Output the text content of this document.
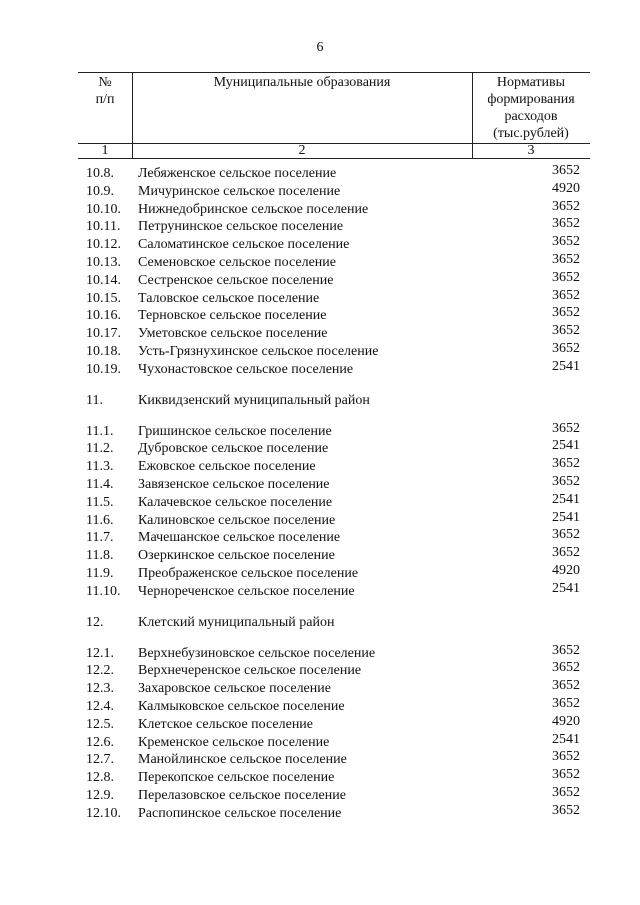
6
№
п/п
Муниципальные образования	Нормативы
формирования
расходов
(тыс.рублей)
1	2	3
10.8. Лебяженское сельское поселение	3652
10.9. Мичуринское сельское поселение	4920
10.10. Нижнедобринское сельское поселение	3652
10.11. Петрунинское сельское поселение	3652
10.12. Саломатинское сельское поселение	3652
10.13. Семеновское сельское поселение	3652
10.14. Сестренское сельское поселение	3652
10.15. Таловское сельское поселение	3652
10.16. Терновское сельское поселение	3652
10.17. Уметовское сельское поселение	3652
10.18. Усть-Грязнухинское сельское поселение	3652
10.19. Чухонастовское сельское поселение	2541
11.	Киквидзенский муниципальный район
11.1. Гришинское сельское поселение	3652
11.2. Дубровское сельское поселение	2541
11.3. Ежовское сельское поселение	3652
11.4. Завязенское сельское поселение	3652
11.5. Калачевское сельское поселение	2541
11.6. Калиновское сельское поселение	2541
11.7. Мачешанское сельское поселение	3652
11.8. Озеркинское сельское поселение	3652
11.9. Преображенское сельское поселение	4920
11.10. Чернореченское сельское поселение	2541
12. Клетский муниципальный район
12.1. Верхнебузиновское сельское поселение	3652
12.2. Верхнечеренское сельское поселение	3652
12.3. Захаровское сельское поселение	3652
12.4. Калмыковское сельское поселение	3652
12.5. Клетское сельское поселение	4920
12.6. Кременское сельское поселение	2541
12.7. Манойлинское сельское поселение	3652
12.8. Перекопское сельское поселение	3652
12.9. Перелазовское сельское поселение	3652
12.10. Распопинское сельское поселение	3652
